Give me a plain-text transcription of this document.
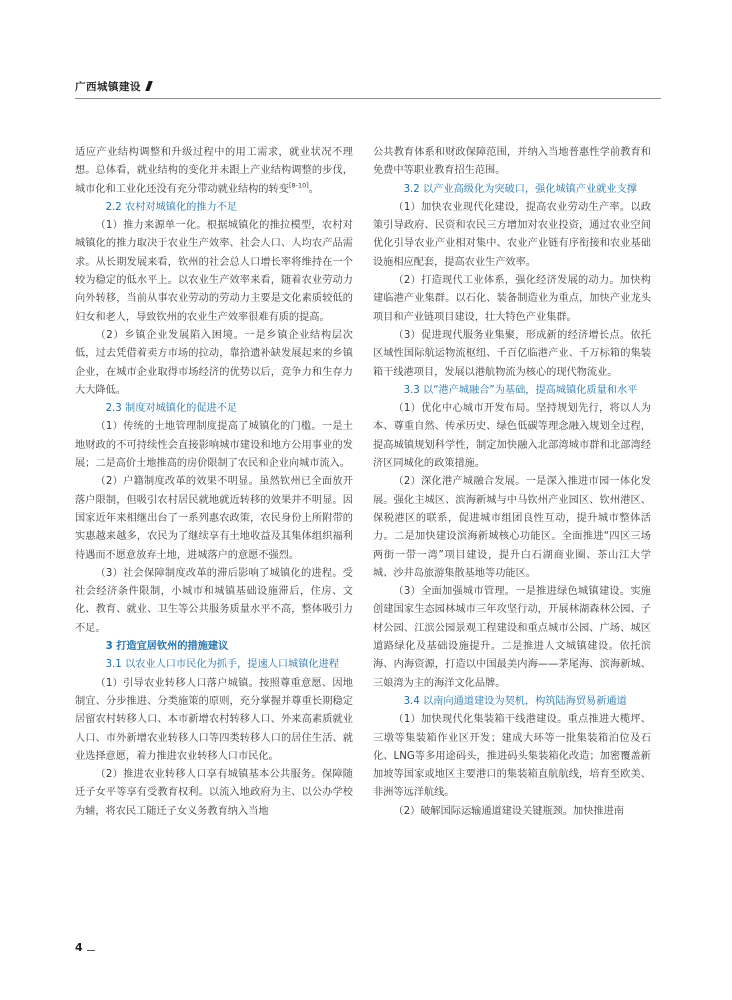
广西城镇建设

适应产业结构调整和升级过程中的用工需求，就业状况不理想。总体看，就业结构的变化并未跟上产业结构调整的步伐，城市化和工业化还没有充分带动就业结构的转变[8-10]。

2.2 农村对城镇化的推力不足

（1）推力来源单一化。根据城镇化的推拉模型，农村对城镇化的推力取决于农业生产效率、社会人口、人均农产品需求。从长期发展来看，钦州的社会总人口增长率将维持在一个较为稳定的低水平上。以农业生产效率来看，随着农业劳动力向外转移，当前从事农业劳动的劳动力主要是文化素质较低的妇女和老人，导致钦州的农业生产效率很难有质的提高。

（2）乡镇企业发展陷入困境。一是乡镇企业结构层次低，过去凭借着卖方市场的拉动，靠拾遗补缺发展起来的乡镇企业，在城市企业取得市场经济的优势以后，竞争力和生存力大大降低。

2.3 制度对城镇化的促进不足

（1）传统的土地管理制度提高了城镇化的门槛。一是土地财政的不可持续性会直接影响城市建设和地方公用事业的发展；二是高价土地推高的房价限制了农民和企业向城市流入。

（2）户籍制度改革的效果不明显。虽然钦州已全面放开落户限制，但吸引农村居民就地就近转移的效果并不明显。因国家近年来相继出台了一系列惠农政策，农民身份上所附带的实惠越来越多，农民为了继续享有土地收益及其集体组织福利待遇而不愿意放弃土地，进城落户的意愿不强烈。

（3）社会保障制度改革的滞后影响了城镇化的进程。受社会经济条件限制，小城市和城镇基础设施滞后，住房、文化、教育、就业、卫生等公共服务质量水平不高，整体吸引力不足。

3 打造宜居钦州的措施建议

3.1 以农业人口市民化为抓手，提速人口城镇化进程

（1）引导农业转移人口落户城镇。按照尊重意愿、因地制宜、分步推进、分类施策的原则，充分掌握并尊重长期稳定居留农村转移人口、本市新增农村转移人口、外来高素质就业人口、市外新增农业转移人口等四类转移人口的居住生活、就业选择意愿，着力推进农业转移人口市民化。

（2）推进农业转移人口享有城镇基本公共服务。保障随迁子女平等享有受教育权利。以流入地政府为主、以公办学校为辅，将农民工随迁子女义务教育纳入当地

公共教育体系和财政保障范围，并纳入当地普惠性学前教育和免费中等职业教育招生范围。

3.2 以产业高级化为突破口，强化城镇产业就业支撑

（1）加快农业现代化建设，提高农业劳动生产率。以政策引导政府、民资和农民三方增加对农业投资，通过农业空间优化引导农业产业相对集中、农业产业链有序衔接和农业基础设施相应配套，提高农业生产效率。

（2）打造现代工业体系，强化经济发展的动力。加快构建临港产业集群。以石化、装备制造业为重点，加快产业龙头项目和产业链项目建设，壮大特色产业集群。

（3）促进现代服务业集聚，形成新的经济增长点。依托区域性国际航运物流枢纽、千百亿临港产业、千万标箱的集装箱干线港项目，发展以港航物流为核心的现代物流业。

3.3 以“港产城融合”为基础，提高城镇化质量和水平

（1）优化中心城市开发布局。坚持规划先行，将以人为本、尊重自然、传承历史、绿色低碳等理念融入规划全过程，提高城镇规划科学性，制定加快融入北部湾城市群和北部湾经济区同城化的政策措施。

（2）深化港产城融合发展。一是深入推进市园一体化发展。强化主城区、滨海新城与中马钦州产业园区、钦州港区、保税港区的联系，促进城市组团良性互动，提升城市整体活力。二是加快建设滨海新城核心功能区。全面推进“四区三场两街一带一湾”项目建设，提升白石湖商业圈、茶山江大学城、沙井岛旅游集散基地等功能区。

（3）全面加强城市管理。一是推进绿色城镇建设。实施创建国家生态园林城市三年攻坚行动，开展林湖森林公园、子材公园、江滨公园景观工程建设和重点城市公园、广场、城区道路绿化及基础设施提升。二是推进人文城镇建设。依托滨海、内海资源，打造以中国最美内海——茅尾海、滨海新城、三娘湾为主的海洋文化品牌。

3.4 以南向通道建设为契机，构筑陆海贸易新通道

（1）加快现代化集装箱干线港建设。重点推进大榄坪、三墩等集装箱作业区开发；建成大环等一批集装箱泊位及石化、LNG等多用途码头，推进码头集装箱化改造；加密覆盖新加坡等国家或地区主要港口的集装箱直航航线，培育至欧美、非洲等远洋航线。

（2）破解国际运输通道建设关键瓶颈。加快推进南

4
